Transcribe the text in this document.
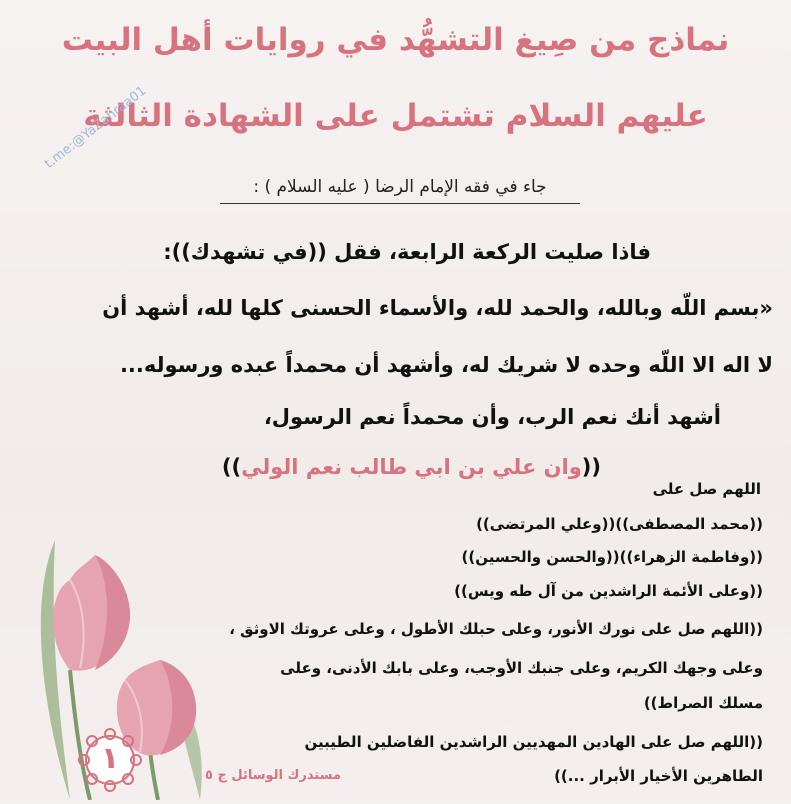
نماذج من صِيغ التشهُّد في روايات أهل البيت
عليهم السلام تشتمل على الشهادة الثالثة
t.me:@YaZahraa01
جاء في فقه الإمام الرضا ( عليه السلام ) :
فاذا صليت الركعة الرابعة، فقل ((في تشهدك)):
«بسم اللّه وبالله، والحمد لله، والأسماء الحسنى كلها لله، أشهد أن
لا اله الا اللّه وحده لا شريك له، وأشهد أن محمداً عبده ورسوله...
أشهد أنك نعم الرب، وأن محمداً نعم الرسول،
((وان علي بن ابي طالب نعم الولي))
اللهم صل على
((محمد المصطفى))((وعلي المرتضى))
((وفاطمة الزهراء))((والحسن والحسين))
((وعلى الأئمة الراشدين من آل طه ويس))
((اللهم صل على نورك الأنور، وعلى حبلك الأطول ، وعلى عروتك الاوثق ،
وعلى وجهك الكريم، وعلى جنبك الأوجب، وعلى بابك الأدنى، وعلى
مسلك الصراط))
((اللهم صل على الهادين المهديين الراشدين الفاضلين الطيبين
الطاهرين الأخيار الأبرار ...))
١	مستدرك الوسائل ج ٥
